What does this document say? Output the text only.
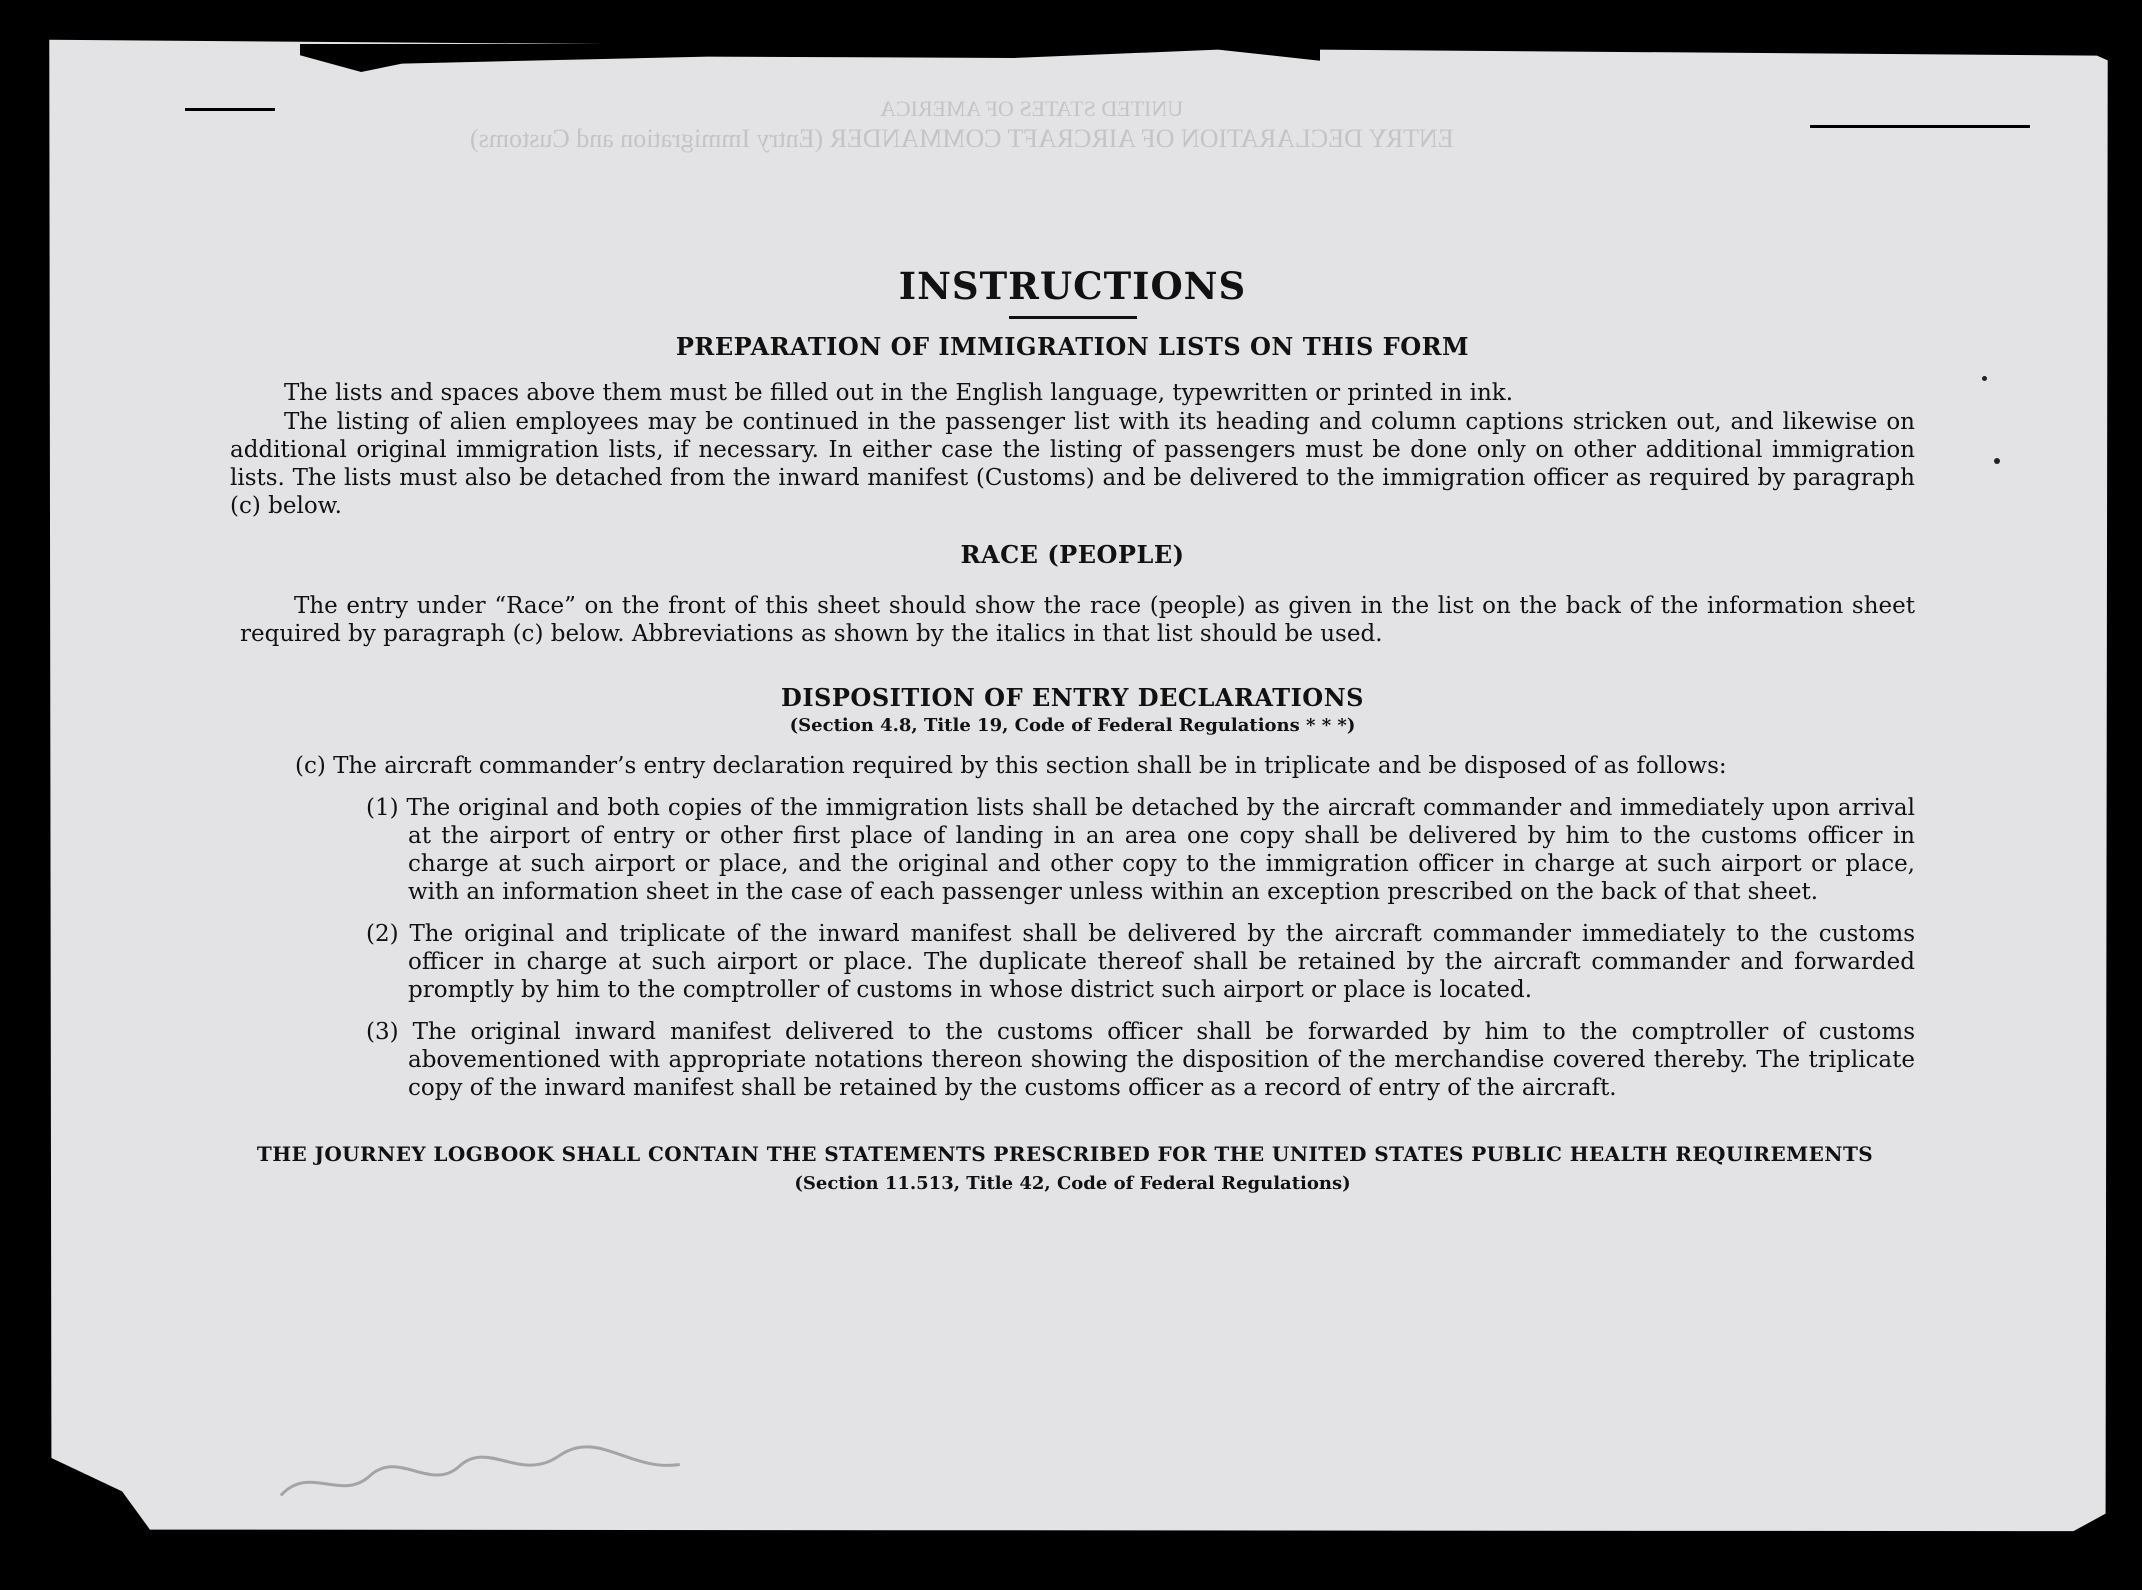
UNITED STATES OF AMERICA
ENTRY DECLARATION OF AIRCRAFT COMMANDER (Entry Immigration and Customs)
INSTRUCTIONS
PREPARATION OF IMMIGRATION LISTS ON THIS FORM

The lists and spaces above them must be filled out in the English language, typewritten or printed in ink.

The listing of alien employees may be continued in the passenger list with its heading and column captions stricken out, and likewise on additional original immigration lists, if necessary. In either case the listing of passengers must be done only on other additional immigration lists. The lists must also be detached from the inward manifest (Customs) and be delivered to the immigration officer as required by paragraph (c) below.

RACE (PEOPLE)

The entry under “Race” on the front of this sheet should show the race (people) as given in the list on the back of the information sheet required by paragraph (c) below. Abbreviations as shown by the italics in that list should be used.

DISPOSITION OF ENTRY DECLARATIONS

(Section 4.8, Title 19, Code of Federal Regulations * * *)

(c) The aircraft commander’s entry declaration required by this section shall be in triplicate and be disposed of as follows:

(1) The original and both copies of the immigration lists shall be detached by the aircraft commander and immediately upon arrival at the airport of entry or other first place of landing in an area one copy shall be delivered by him to the customs officer in charge at such airport or place, and the original and other copy to the immigration officer in charge at such airport or place, with an information sheet in the case of each passenger unless within an exception prescribed on the back of that sheet.

(2) The original and triplicate of the inward manifest shall be delivered by the aircraft commander immediately to the customs officer in charge at such airport or place. The duplicate thereof shall be retained by the aircraft commander and forwarded promptly by him to the comptroller of customs in whose district such airport or place is located.

(3) The original inward manifest delivered to the customs officer shall be forwarded by him to the comptroller of customs abovementioned with appropriate notations thereon showing the disposition of the merchandise covered thereby. The triplicate copy of the inward manifest shall be retained by the customs officer as a record of entry of the aircraft.

THE JOURNEY LOGBOOK SHALL CONTAIN THE STATEMENTS PRESCRIBED FOR THE UNITED STATES PUBLIC HEALTH REQUIREMENTS

(Section 11.513, Title 42, Code of Federal Regulations)
